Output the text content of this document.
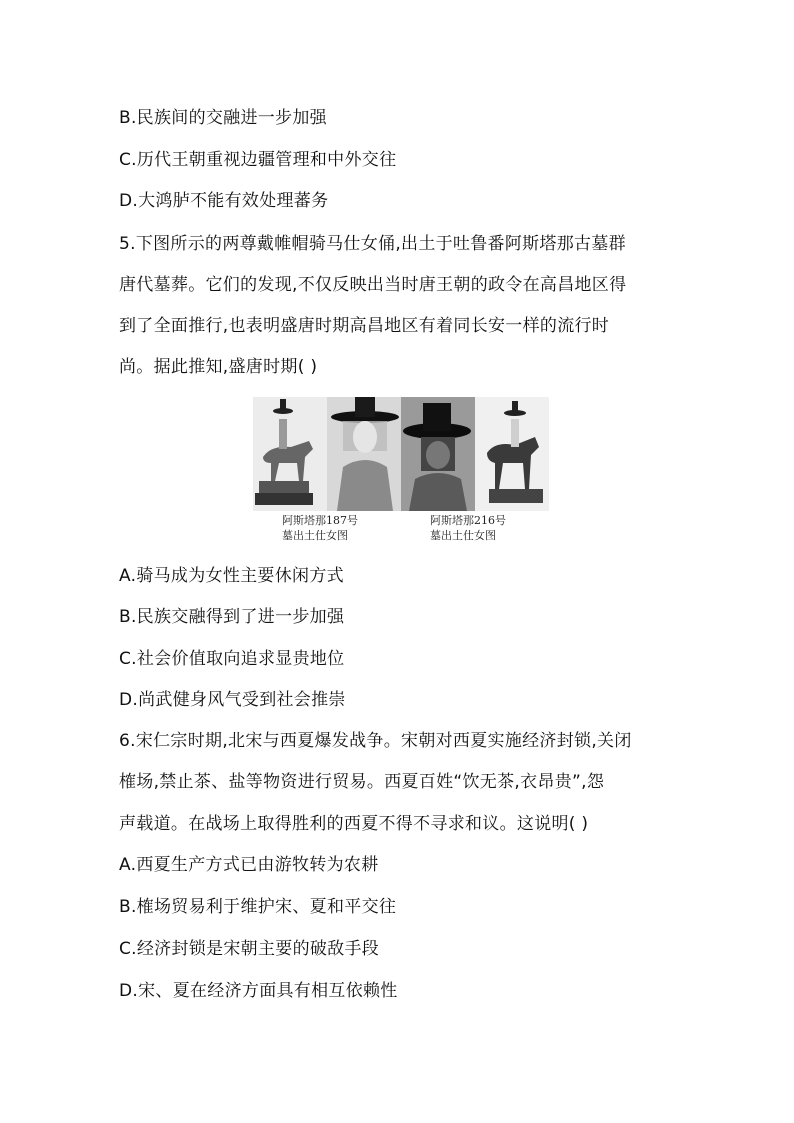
B.民族间的交融进一步加强
C.历代王朝重视边疆管理和中外交往
D.大鸿胪不能有效处理蕃务
5.下图所示的两尊戴帷帽骑马仕女俑,出土于吐鲁番阿斯塔那古墓群
唐代墓葬。它们的发现,不仅反映出当时唐王朝的政令在高昌地区得
到了全面推行,也表明盛唐时期高昌地区有着同长安一样的流行时
尚。据此推知,盛唐时期( )
阿斯塔那187号
墓出土仕女图
阿斯塔那216号
墓出土仕女图
A.骑马成为女性主要休闲方式
B.民族交融得到了进一步加强
C.社会价值取向追求显贵地位
D.尚武健身风气受到社会推崇
6.宋仁宗时期,北宋与西夏爆发战争。宋朝对西夏实施经济封锁,关闭
榷场,禁止茶、盐等物资进行贸易。西夏百姓“饮无茶,衣昂贵”,怨
声载道。在战场上取得胜利的西夏不得不寻求和议。这说明( )
A.西夏生产方式已由游牧转为农耕
B.榷场贸易利于维护宋、夏和平交往
C.经济封锁是宋朝主要的破敌手段
D.宋、夏在经济方面具有相互依赖性
